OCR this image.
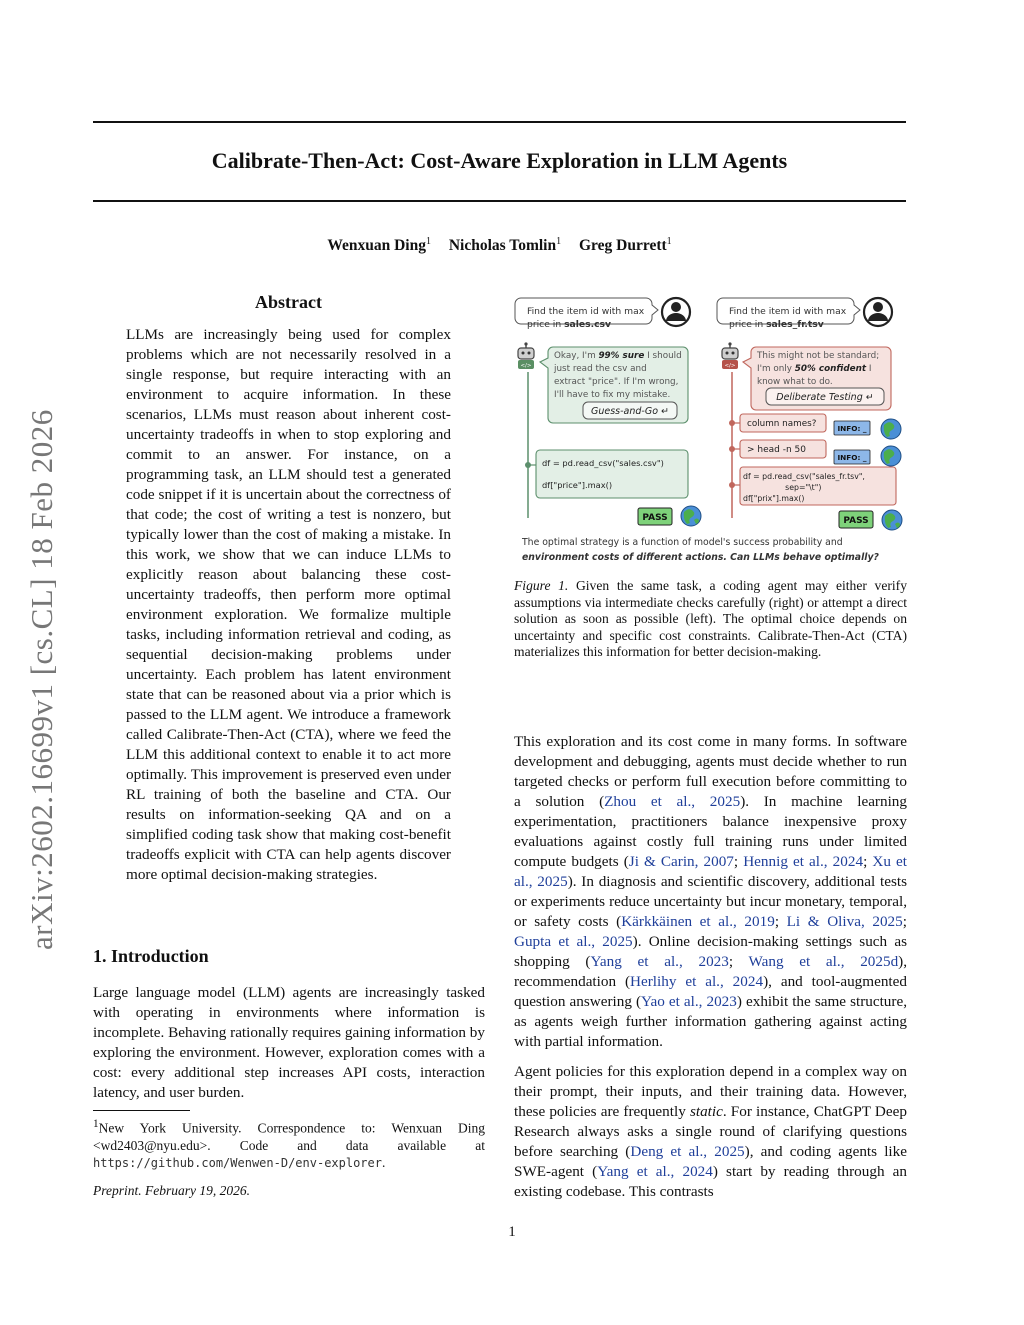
Calibrate-Then-Act: Cost-Aware Exploration in LLM Agents
Wenxuan Ding$^1$ Nicholas Tomlin$^1$ Greg Durrett$^1$
arXiv:2602.16699v1 [cs.CL] 18 Feb 2026
Abstract
LLMs are increasingly being used for complex problems which are not necessarily resolved in a single response, but require interacting with an environment to acquire information. In these scenarios, LLMs must reason about inherent cost-uncertainty tradeoffs in when to stop exploring and commit to an answer. For instance, on a programming task, an LLM should test a generated code snippet if it is uncertain about the correctness of that code; the cost of writing a test is nonzero, but typically lower than the cost of making a mistake. In this work, we show that we can induce LLMs to explicitly reason about balancing these cost-uncertainty tradeoffs, then perform more optimal environment exploration. We formalize multiple tasks, including information retrieval and coding, as sequential decision-making problems under uncertainty. Each problem has latent environment state that can be reasoned about via a prior which is passed to the LLM agent. We introduce a framework called Calibrate-Then-Act (CTA), where we feed the LLM this additional context to enable it to act more optimally. This improvement is preserved even under RL training of both the baseline and CTA. Our results on information-seeking QA and on a simplified coding task show that making cost-benefit tradeoffs explicit with CTA can help agents discover more optimal decision-making strategies.
1. Introduction
Large language model (LLM) agents are increasingly tasked with operating in environments where information is incomplete. Behaving rationally requires gaining information by exploring the environment. However, exploration comes with a cost: every additional step increases API costs, interaction latency, and user burden.
$^1$New York University. Correspondence to: Wenxuan Ding <wd2403@nyu.edu>. Code and data available at https://github.com/Wenwen-D/env-explorer.
Preprint. February 19, 2026.
Find the item id with max
price in sales.csv
</>
Okay, I'm 99% sure I should
just read the csv and
extract "price". If I'm wrong,
I'll have to fix my mistake.
Guess-and-Go ↵
df = pd.read_csv("sales.csv")
df["price"].max()
PASS
Find the item id with max
price in sales_fr.tsv
</>
This might not be standard;
I'm only 50% confident I
know what to do.
Deliberate Testing ↵
column names?	INFO: _
> head -n 50
INFO: _
df = pd.read_csv("sales_fr.tsv",
sep="\t")
df["prix"].max()
PASS
The optimal strategy is a function of model's success probability and
environment costs of different actions. Can LLMs behave optimally?
Figure 1. Given the same task, a coding agent may either verify assumptions via intermediate checks carefully (right) or attempt a direct solution as soon as possible (left). The optimal choice depends on uncertainty and specific cost constraints. Calibrate-Then-Act (CTA) materializes this information for better decision-making.
This exploration and its cost come in many forms. In software development and debugging, agents must decide whether to run targeted checks or perform full execution before committing to a solution (Zhou et al., 2025). In machine learning experimentation, practitioners balance inexpensive proxy evaluations against costly full training runs under limited compute budgets (Ji & Carin, 2007; Hennig et al., 2024; Xu et al., 2025). In diagnosis and scientific discovery, additional tests or experiments reduce uncertainty but incur monetary, temporal, or safety costs (Kärkkäinen et al., 2019; Li & Oliva, 2025; Gupta et al., 2025). Online decision-making settings such as shopping (Yang et al., 2023; Wang et al., 2025d), recommendation (Herlihy et al., 2024), and tool-augmented question answering (Yao et al., 2023) exhibit the same structure, as agents weigh further information gathering against acting with partial information.
Agent policies for this exploration depend in a complex way on their prompt, their inputs, and their training data. However, these policies are frequently static. For instance, ChatGPT Deep Research always asks a single round of clarifying questions before searching (Deng et al., 2025), and coding agents like SWE-agent (Yang et al., 2024) start by reading through an existing codebase. This contrasts
1
